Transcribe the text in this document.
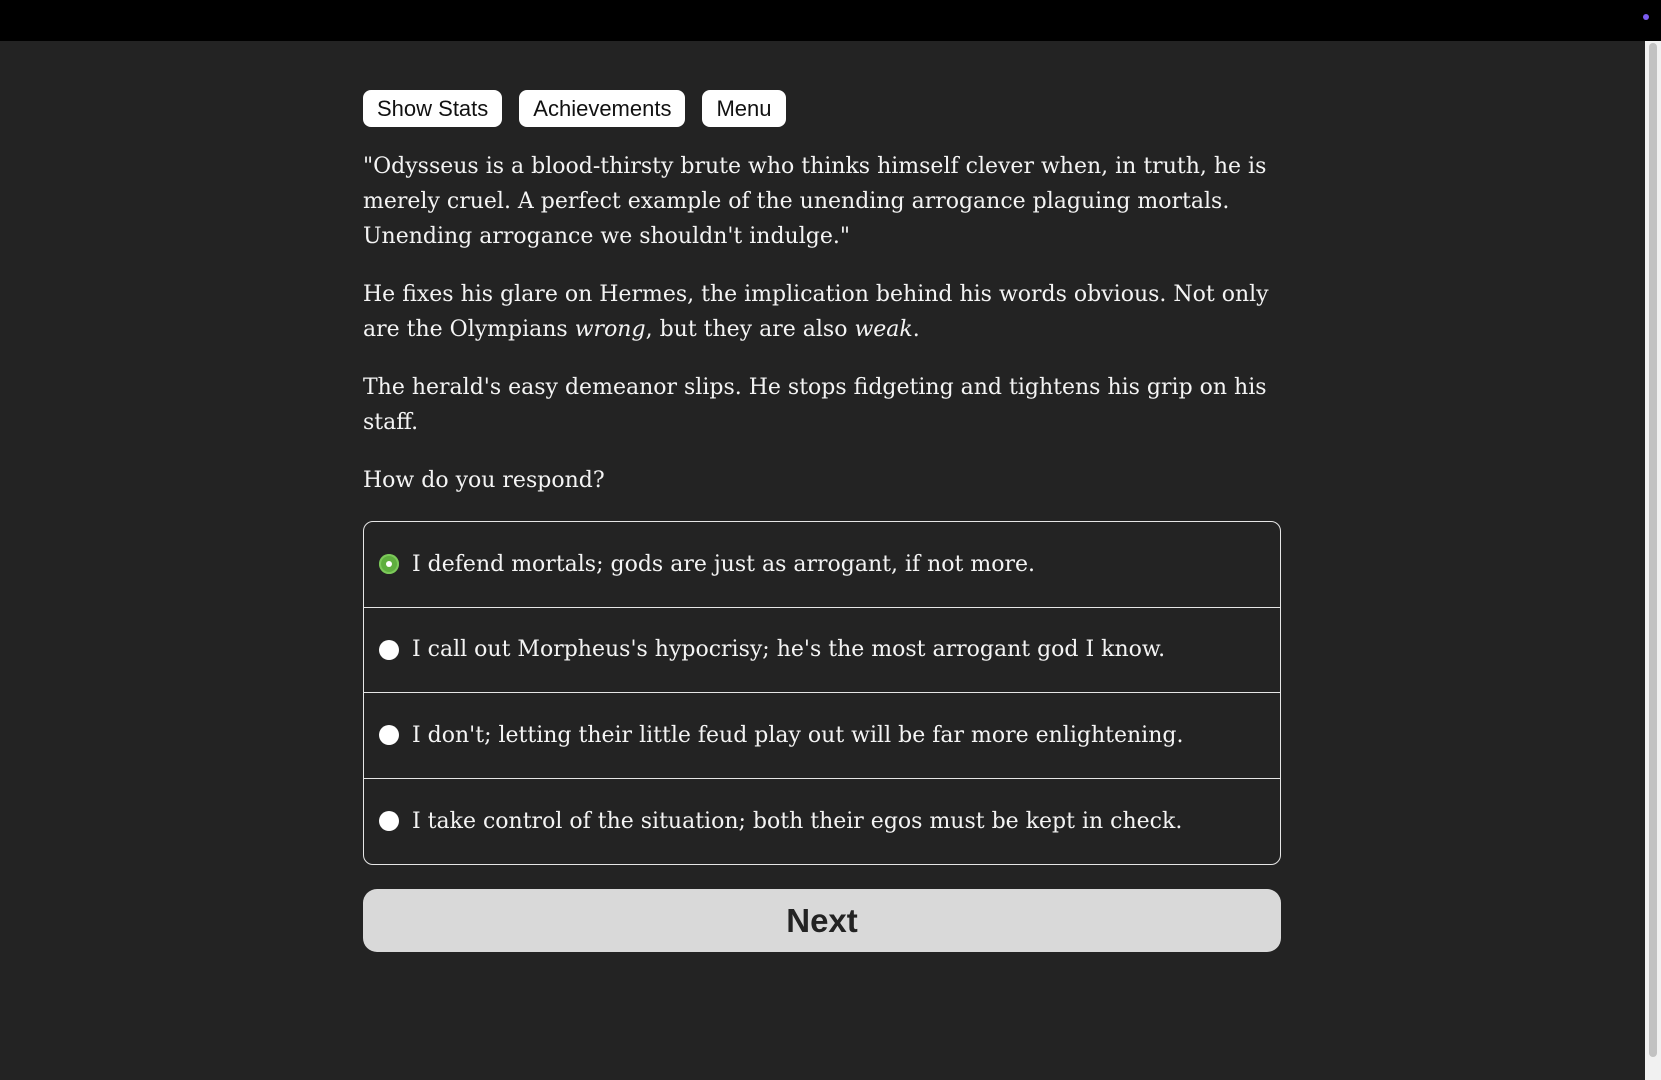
Show Stats	Achievements	Menu

"Odysseus is a blood-thirsty brute who thinks himself clever when, in truth, he is merely cruel. A perfect example of the unending arrogance plaguing mortals. Unending arrogance we shouldn't indulge."

He fixes his glare on Hermes, the implication behind his words obvious. Not only are the Olympians wrong, but they are also weak.

The herald's easy demeanor slips. He stops fidgeting and tightens his grip on his staff.

How do you respond?

I defend mortals; gods are just as arrogant, if not more.
I call out Morpheus's hypocrisy; he's the most arrogant god I know.
I don't; letting their little feud play out will be far more enlightening.
I take control of the situation; both their egos must be kept in check.
Next
